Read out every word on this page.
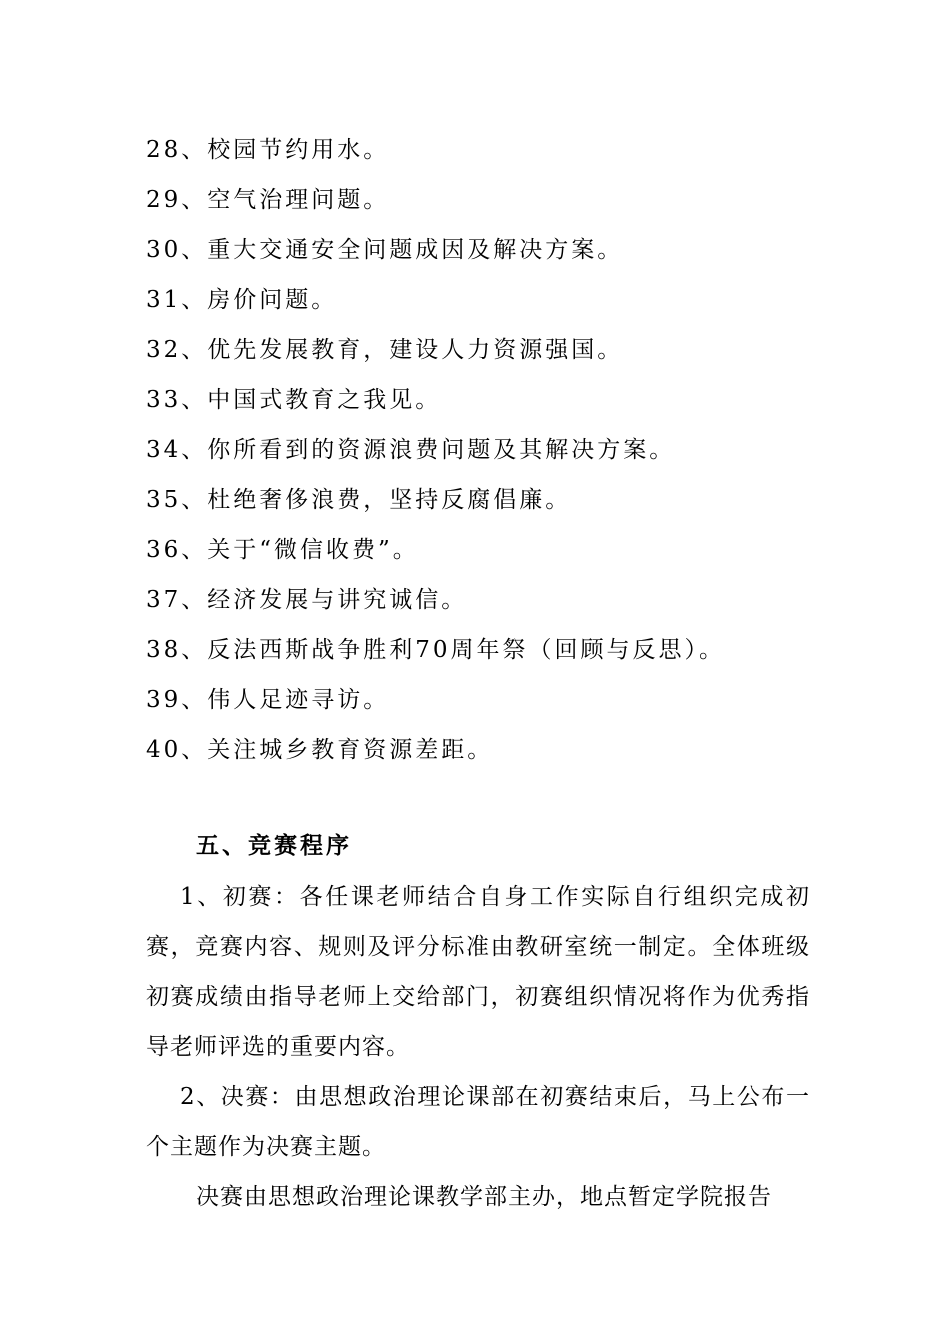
28、校园节约用水。
29、空气治理问题。
30、重大交通安全问题成因及解决方案。
31、房价问题。
32、优先发展教育，建设人力资源强国。
33、中国式教育之我见。
34、你所看到的资源浪费问题及其解决方案。
35、杜绝奢侈浪费，坚持反腐倡廉。
36、关于“微信收费”。
37、经济发展与讲究诚信。
38、反法西斯战争胜利70周年祭（回顾与反思）。
39、伟人足迹寻访。
40、关注城乡教育资源差距。
五、竞赛程序

1、初赛：各任课老师结合自身工作实际自行组织完成初赛，竞赛内容、规则及评分标准由教研室统一制定。全体班级初赛成绩由指导老师上交给部门，初赛组织情况将作为优秀指导老师评选的重要内容。

2、决赛：由思想政治理论课部在初赛结束后，马上公布一个主题作为决赛主题。

决赛由思想政治理论课教学部主办，地点暂定学院报告
